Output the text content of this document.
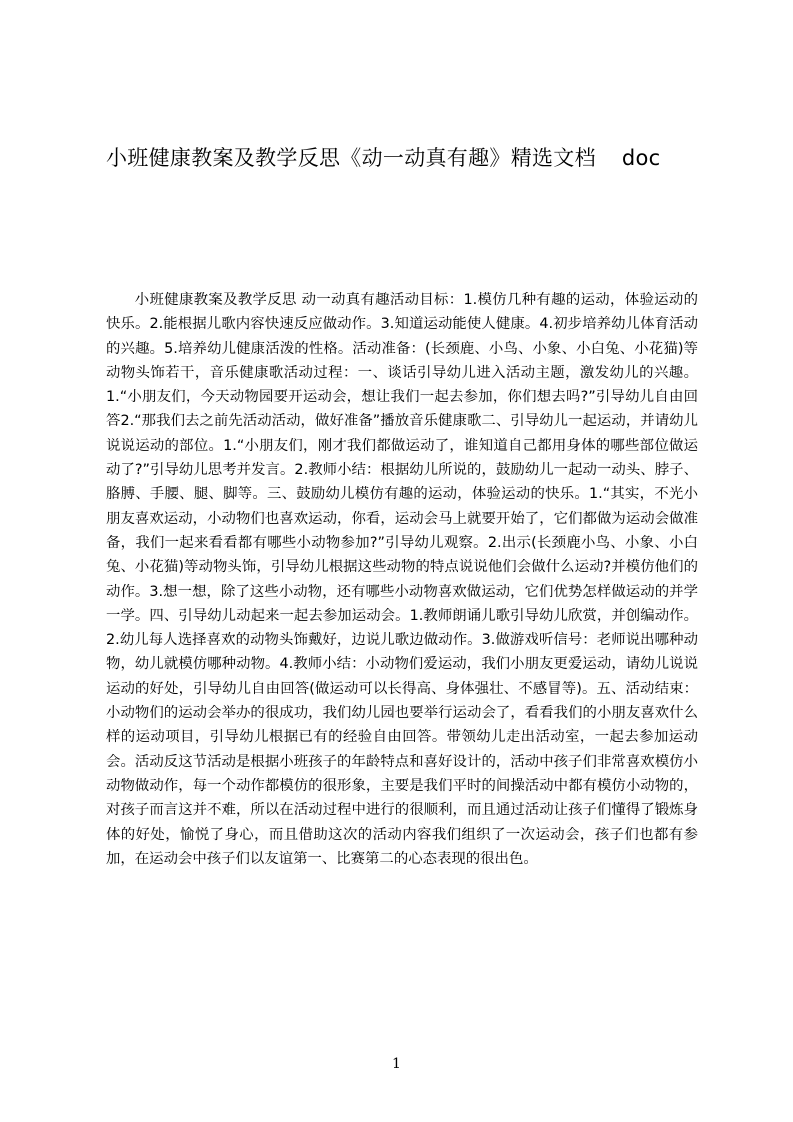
小班健康教案及教学反思《动一动真有趣》精选文档 doc

小班健康教案及教学反思 动一动真有趣活动目标：1.模仿几种有趣的运动，体验运动的快乐。2.能根据儿歌内容快速反应做动作。3.知道运动能使人健康。4.初步培养幼儿体育活动的兴趣。5.培养幼儿健康活泼的性格。活动准备：(长颈鹿、小鸟、小象、小白兔、小花猫)等动物头饰若干，音乐健康歌活动过程：一、谈话引导幼儿进入活动主题，激发幼儿的兴趣。1.“小朋友们，今天动物园要开运动会，想让我们一起去参加，你们想去吗?”引导幼儿自由回答2.“那我们去之前先活动活动，做好准备”播放音乐健康歌二、引导幼儿一起运动，并请幼儿说说运动的部位。1.“小朋友们，刚才我们都做运动了，谁知道自己都用身体的哪些部位做运动了?”引导幼儿思考并发言。2.教师小结：根据幼儿所说的，鼓励幼儿一起动一动头、脖子、胳膊、手腰、腿、脚等。三、鼓励幼儿模仿有趣的运动，体验运动的快乐。1.“其实，不光小朋友喜欢运动，小动物们也喜欢运动，你看，运动会马上就要开始了，它们都做为运动会做准备，我们一起来看看都有哪些小动物参加?”引导幼儿观察。2.出示(长颈鹿小鸟、小象、小白兔、小花猫)等动物头饰，引导幼儿根据这些动物的特点说说他们会做什么运动?并模仿他们的动作。3.想一想，除了这些小动物，还有哪些小动物喜欢做运动，它们优势怎样做运动的并学一学。四、引导幼儿动起来一起去参加运动会。1.教师朗诵儿歌引导幼儿欣赏，并创编动作。2.幼儿每人选择喜欢的动物头饰戴好，边说儿歌边做动作。3.做游戏听信号：老师说出哪种动物，幼儿就模仿哪种动物。4.教师小结：小动物们爱运动，我们小朋友更爱运动，请幼儿说说运动的好处，引导幼儿自由回答(做运动可以长得高、身体强壮、不感冒等)。五、活动结束：小动物们的运动会举办的很成功，我们幼儿园也要举行运动会了，看看我们的小朋友喜欢什么样的运动项目，引导幼儿根据已有的经验自由回答。带领幼儿走出活动室，一起去参加运动会。活动反这节活动是根据小班孩子的年龄特点和喜好设计的，活动中孩子们非常喜欢模仿小动物做动作，每一个动作都模仿的很形象，主要是我们平时的间操活动中都有模仿小动物的，对孩子而言这并不难，所以在活动过程中进行的很顺利，而且通过活动让孩子们懂得了锻炼身体的好处，愉悦了身心，而且借助这次的活动内容我们组织了一次运动会，孩子们也都有参加，在运动会中孩子们以友谊第一、比赛第二的心态表现的很出色。

1
